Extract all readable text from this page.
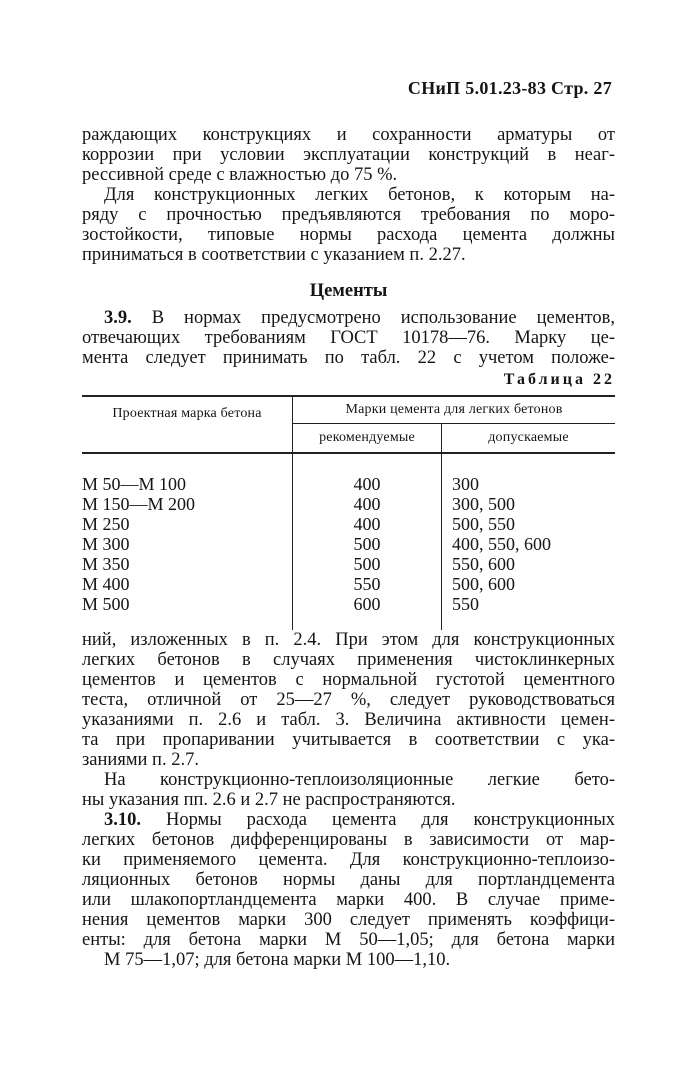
СНиП 5.01.23-83 Стр. 27
раждающих конструкциях и сохранности арматуры от
коррозии при условии эксплуатации конструкций в неаг-
рессивной среде с влажностью до 75 %.
Для конструкционных легких бетонов, к которым на-
ряду с прочностью предъявляются требования по моро-
зостойкости, типовые нормы расхода цемента должны
приниматься в соответствии с указанием п. 2.27.
Цементы
3.9. В нормах предусмотрено использование цементов,
отвечающих требованиям ГОСТ 10178—76. Марку це-
мента следует принимать по табл. 22 с учетом положе-
Таблица 22
Проектная марка бетона	Марки цемента для легких бетонов	
	рекомендуемые	допускаемые

М 50—М 100	400	300
М 150—М 200	400	300, 500
М 250	400	500, 550
М 300	500	400, 550, 600
М 350	500	550, 600
М 400	550	500, 600
М 500	600	550

ний, изложенных в п. 2.4. При этом для конструкционных
легких бетонов в случаях применения чистоклинкерных
цементов и цементов с нормальной густотой цементного
теста, отличной от 25—27 %, следует руководствоваться
указаниями п. 2.6 и табл. 3. Величина активности цемен-
та при пропаривании учитывается в соответствии с ука-
заниями п. 2.7.
На конструкционно-теплоизоляционные легкие бето-
ны указания пп. 2.6 и 2.7 не распространяются.
3.10. Нормы расхода цемента для конструкционных
легких бетонов дифференцированы в зависимости от мар-
ки применяемого цемента. Для конструкционно-теплоизо-
ляционных бетонов нормы даны для портландцемента
или шлакопортландцемента марки 400. В случае приме-
нения цементов марки 300 следует применять коэффици-
енты: для бетона марки М 50—1,05; для бетона марки
М 75—1,07; для бетона марки М 100—1,10.
